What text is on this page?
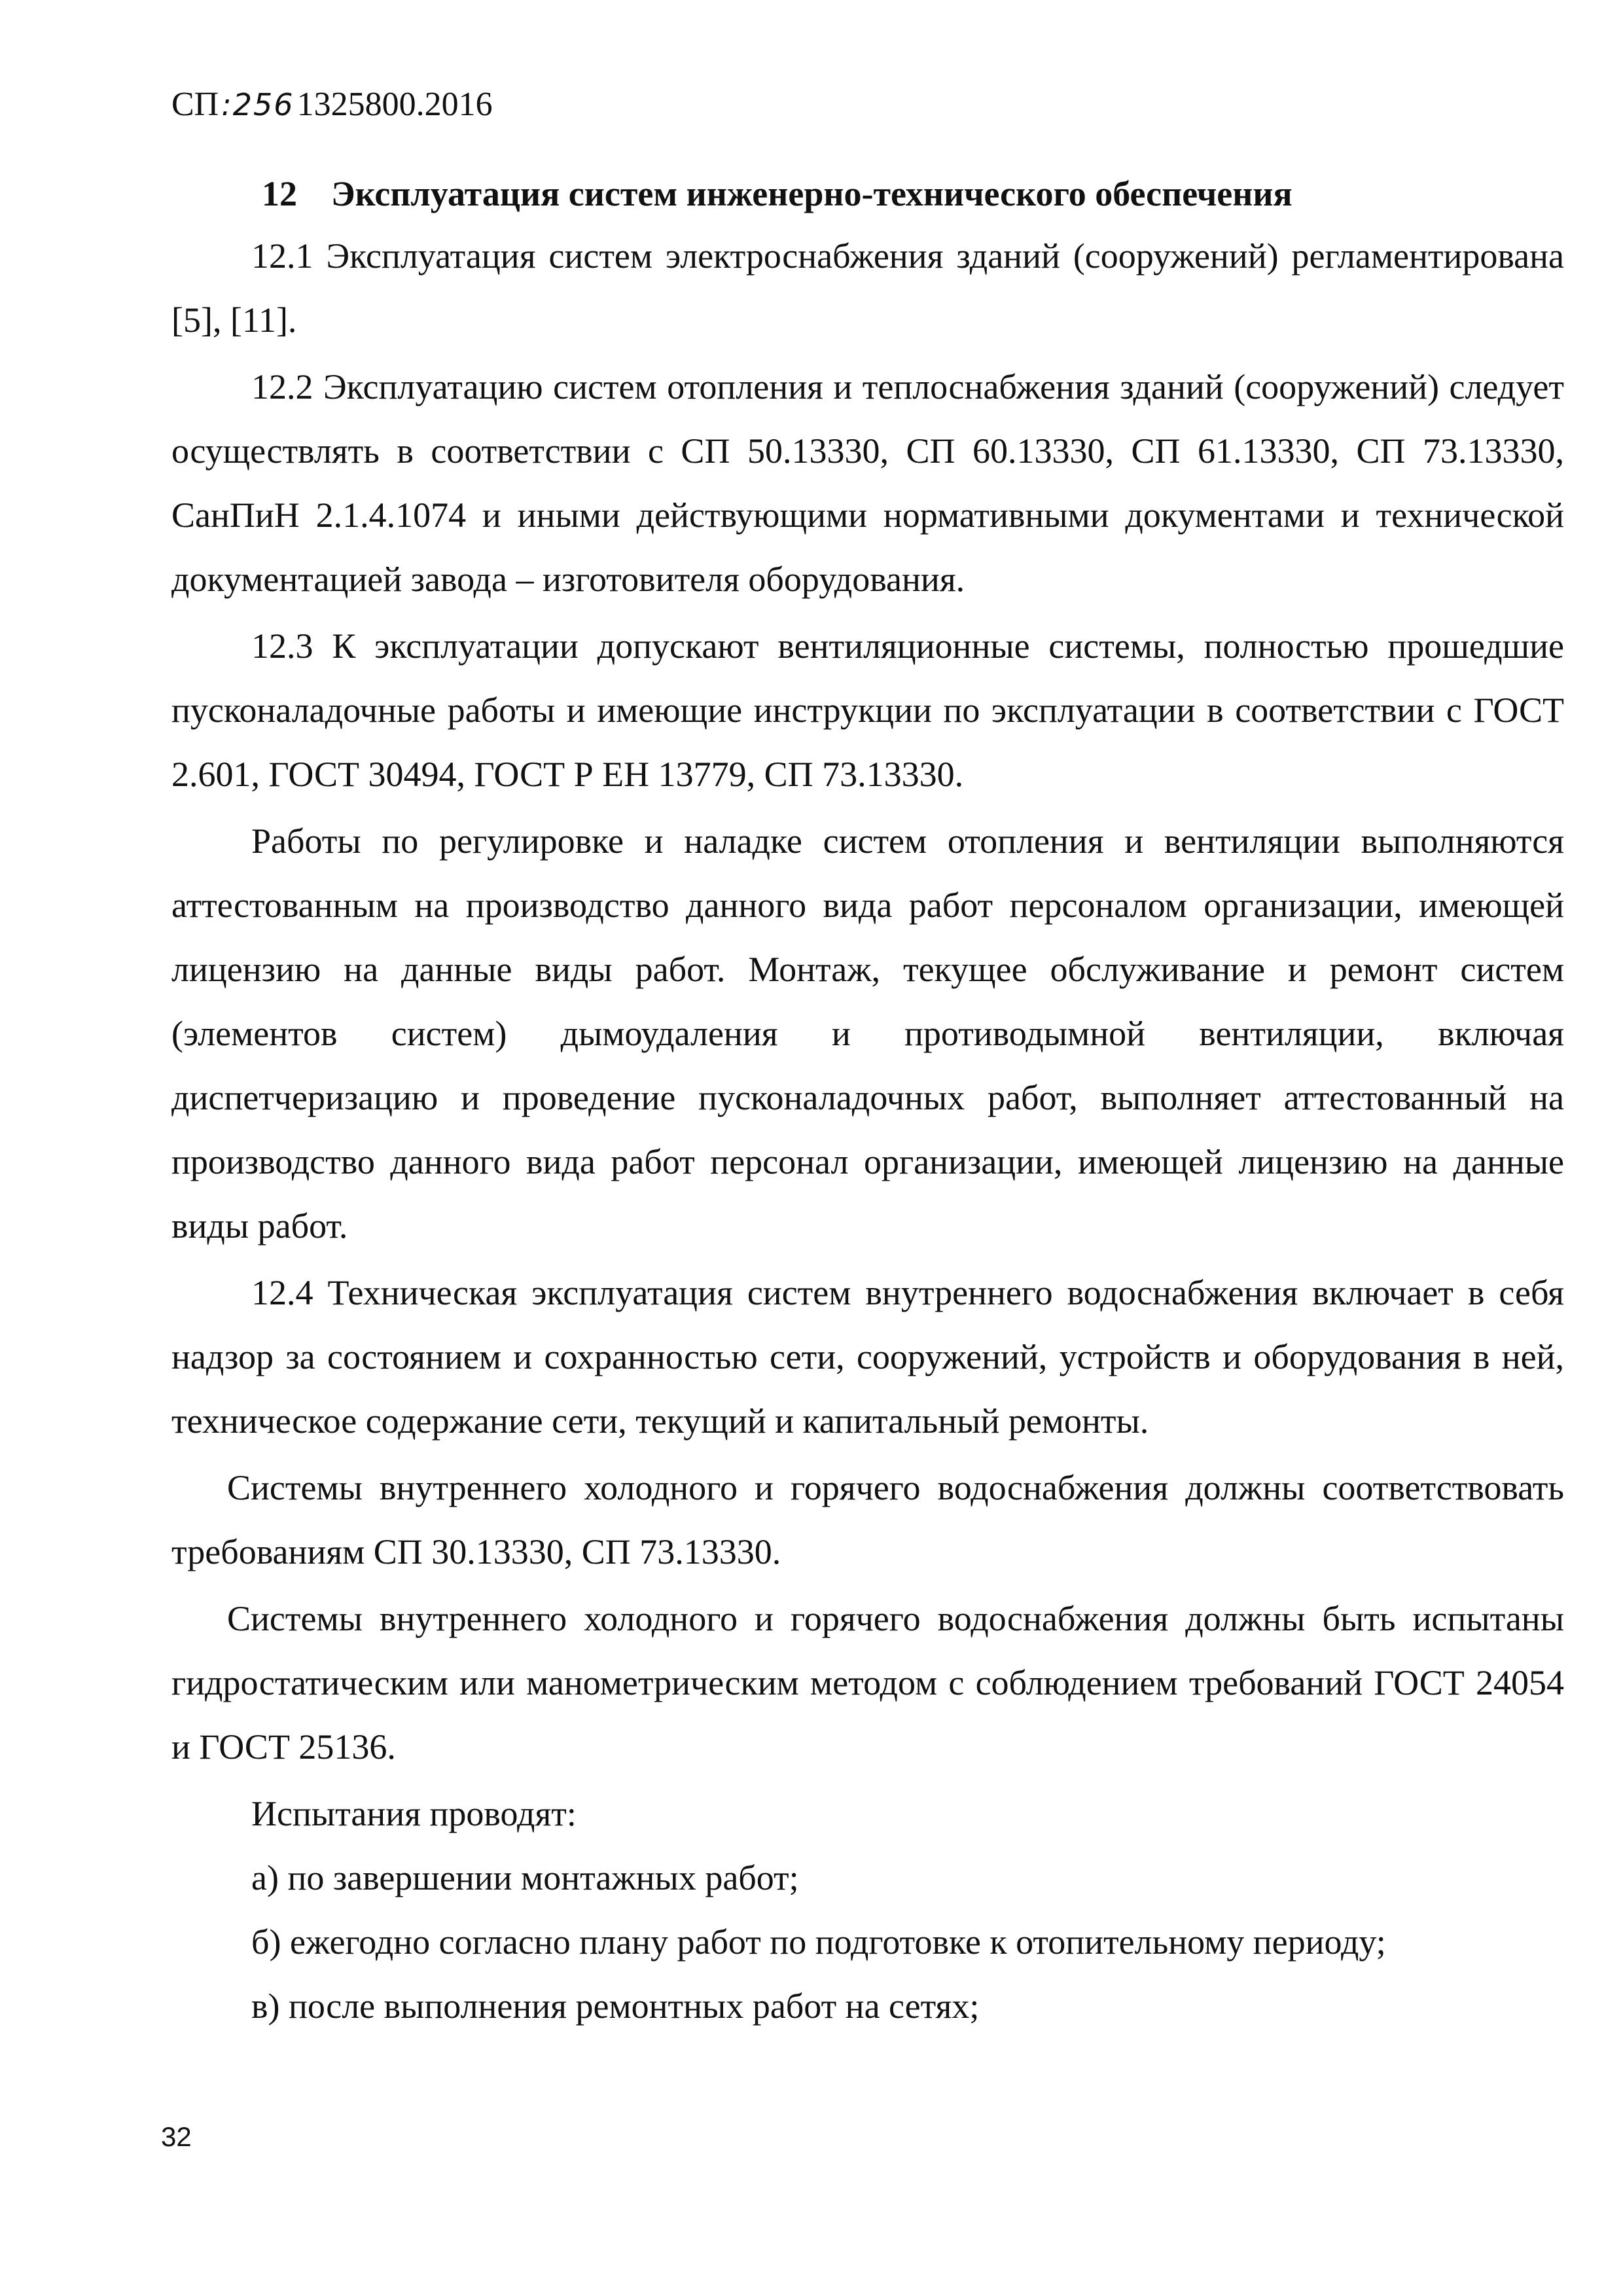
СП:2561325800.2016
12 Эксплуатация систем инженерно-технического обеспечения

12.1 Эксплуатация систем электроснабжения зданий (сооружений) регламентирована [5], [11].

12.2 Эксплуатацию систем отопления и теплоснабжения зданий (сооружений) следует осуществлять в соответствии с СП 50.13330, СП 60.13330, СП 61.13330, СП 73.13330, СанПиН 2.1.4.1074 и иными действующими нормативными документами и технической документацией завода – изготовителя оборудования.

12.3 К эксплуатации допускают вентиляционные системы, полностью прошедшие пусконаладочные работы и имеющие инструкции по эксплуатации в соответствии с ГОСТ 2.601, ГОСТ 30494, ГОСТ Р ЕН 13779, СП 73.13330.

Работы по регулировке и наладке систем отопления и вентиляции выполняются аттестованным на производство данного вида работ персоналом организации, имеющей лицензию на данные виды работ. Монтаж, текущее обслуживание и ремонт систем (элементов систем) дымоудаления и противодымной вентиляции, включая диспетчеризацию и проведение пусконаладочных работ, выполняет аттестованный на производство данного вида работ персонал организации, имеющей лицензию на данные виды работ.

12.4 Техническая эксплуатация систем внутреннего водоснабжения включает в себя надзор за состоянием и сохранностью сети, сооружений, устройств и оборудования в ней, техническое содержание сети, текущий и капитальный ремонты.

Системы внутреннего холодного и горячего водоснабжения должны соответствовать требованиям СП 30.13330, СП 73.13330.

Системы внутреннего холодного и горячего водоснабжения должны быть испытаны гидростатическим или манометрическим методом с соблюдением требований ГОСТ 24054 и ГОСТ 25136.

Испытания проводят:

а) по завершении монтажных работ;

б) ежегодно согласно плану работ по подготовке к отопительному периоду;

в) после выполнения ремонтных работ на сетях;

32
